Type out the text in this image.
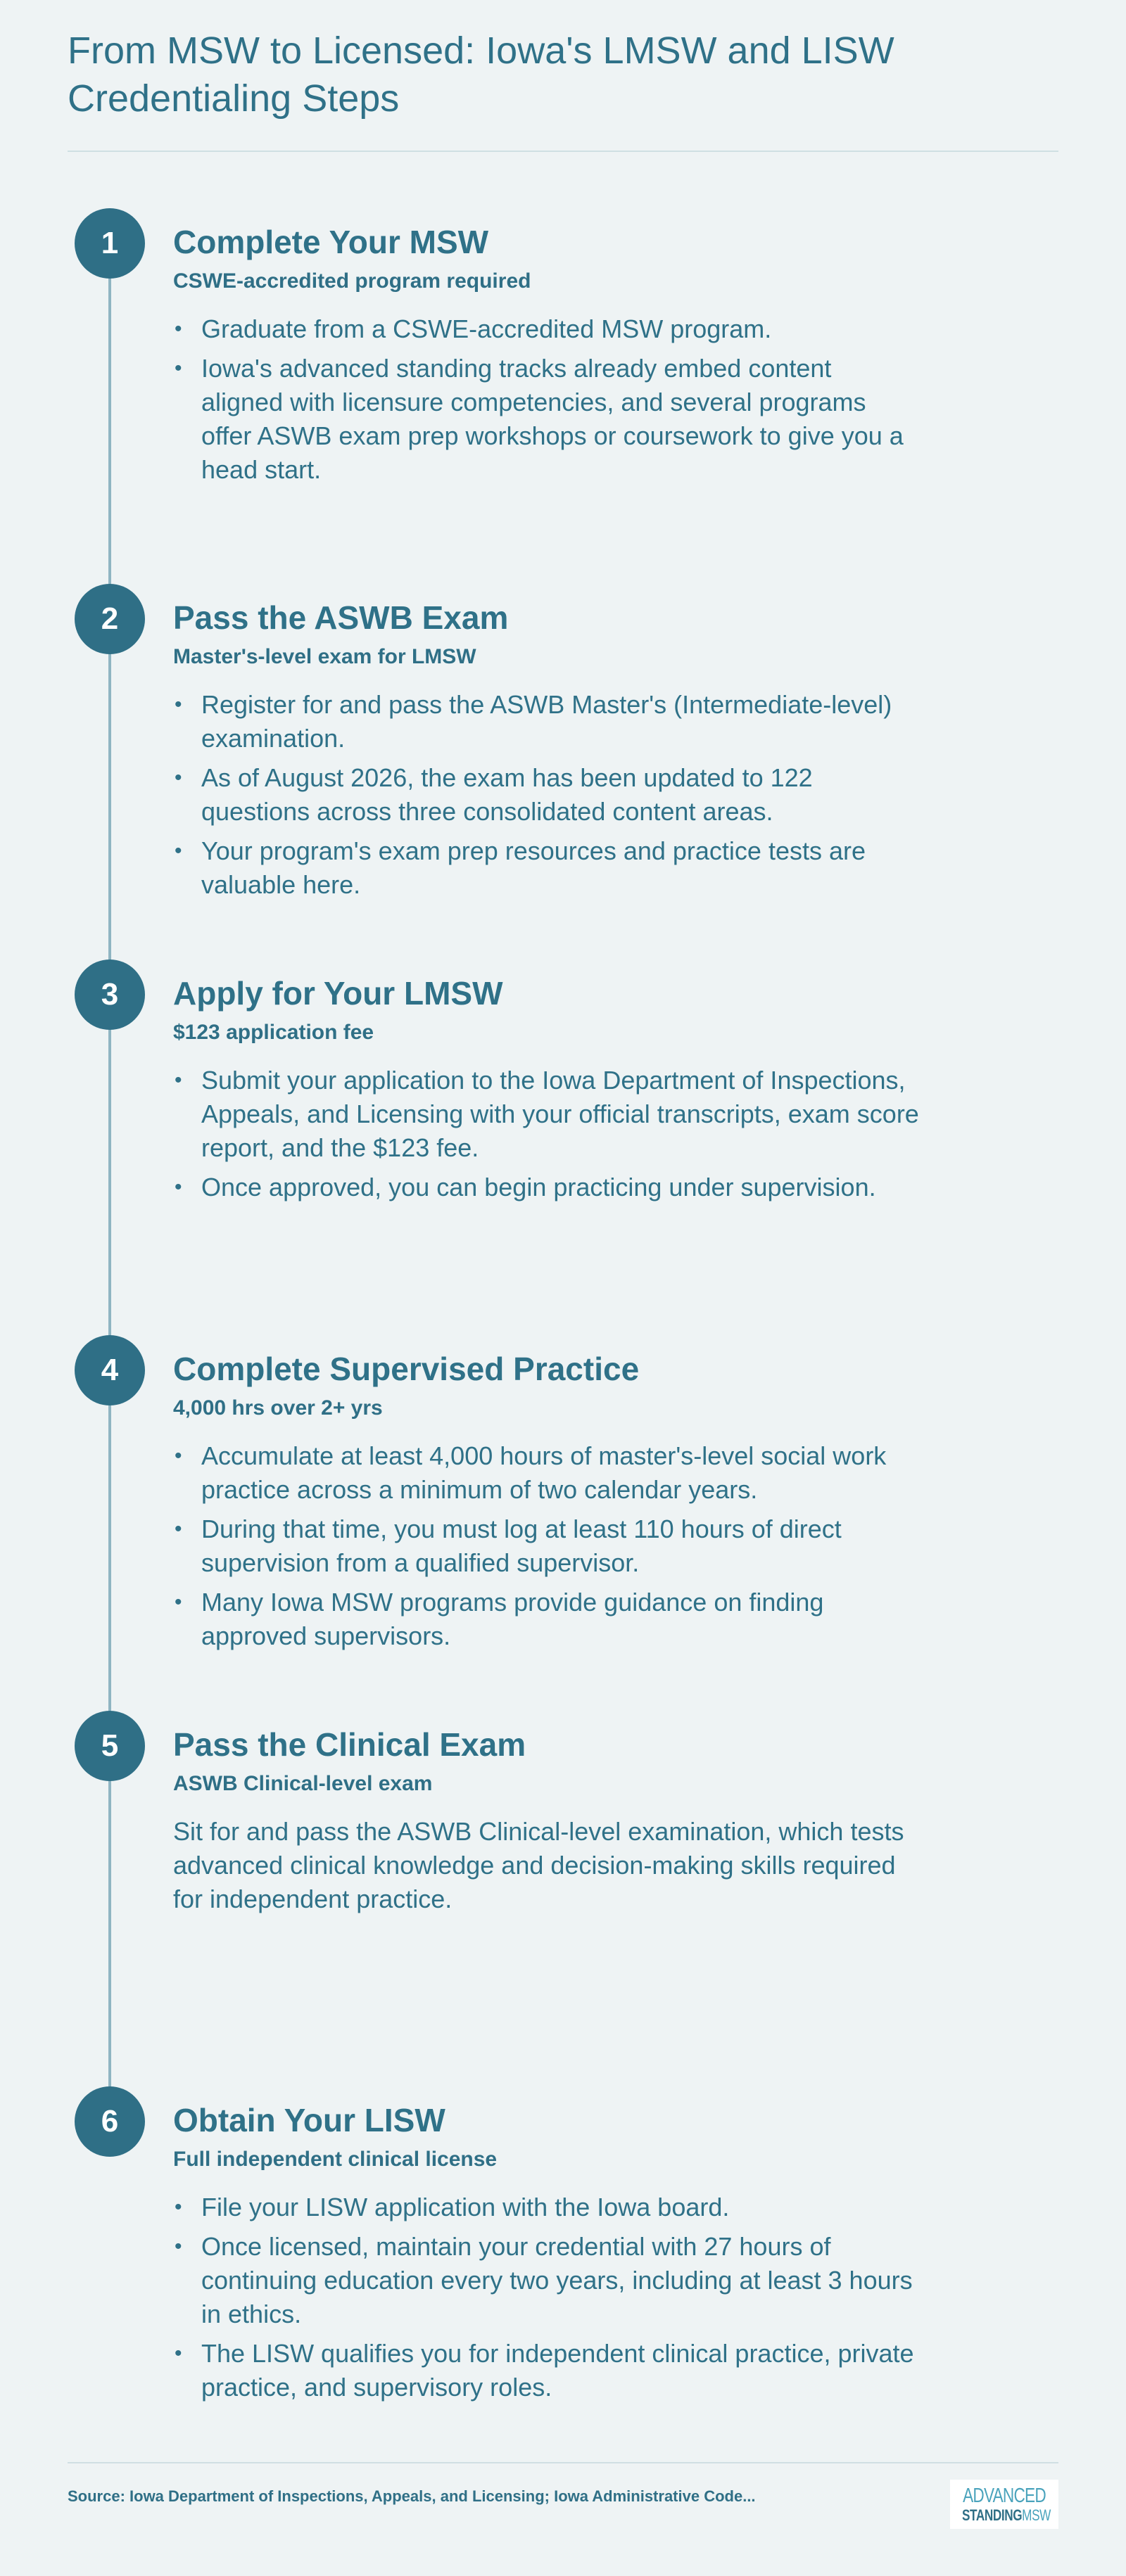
From MSW to Licensed: Iowa's LMSW and LISW Credentialing Steps
1	Complete Your MSW

CSWE-accredited program required

• Graduate from a CSWE-accredited MSW program.
• Iowa's advanced standing tracks already embed content aligned with licensure competencies, and several programs offer ASWB exam prep workshops or coursework to give you a head start.
2	Pass the ASWB Exam

Master's-level exam for LMSW

• Register for and pass the ASWB Master's (Intermediate-level) examination.
• As of August 2026, the exam has been updated to 122 questions across three consolidated content areas.
• Your program's exam prep resources and practice tests are valuable here.
3	Apply for Your LMSW

$123 application fee

• Submit your application to the Iowa Department of Inspections, Appeals, and Licensing with your official transcripts, exam score report, and the $123 fee.
• Once approved, you can begin practicing under supervision.
4	Complete Supervised Practice

4,000 hrs over 2+ yrs

• Accumulate at least 4,000 hours of master's-level social work practice across a minimum of two calendar years.
• During that time, you must log at least 110 hours of direct supervision from a qualified supervisor.
• Many Iowa MSW programs provide guidance on finding approved supervisors.
5	Pass the Clinical Exam

ASWB Clinical-level exam

Sit for and pass the ASWB Clinical-level examination, which tests advanced clinical knowledge and decision-making skills required for independent practice.

6	Obtain Your LISW

Full independent clinical license

• File your LISW application with the Iowa board.
• Once licensed, maintain your credential with 27 hours of continuing education every two years, including at least 3 hours in ethics.
• The LISW qualifies you for independent clinical practice, private practice, and supervisory roles.
Source: Iowa Department of Inspections, Appeals, and Licensing; Iowa Administrative Code...	ADVANCED
STANDINGMSW
